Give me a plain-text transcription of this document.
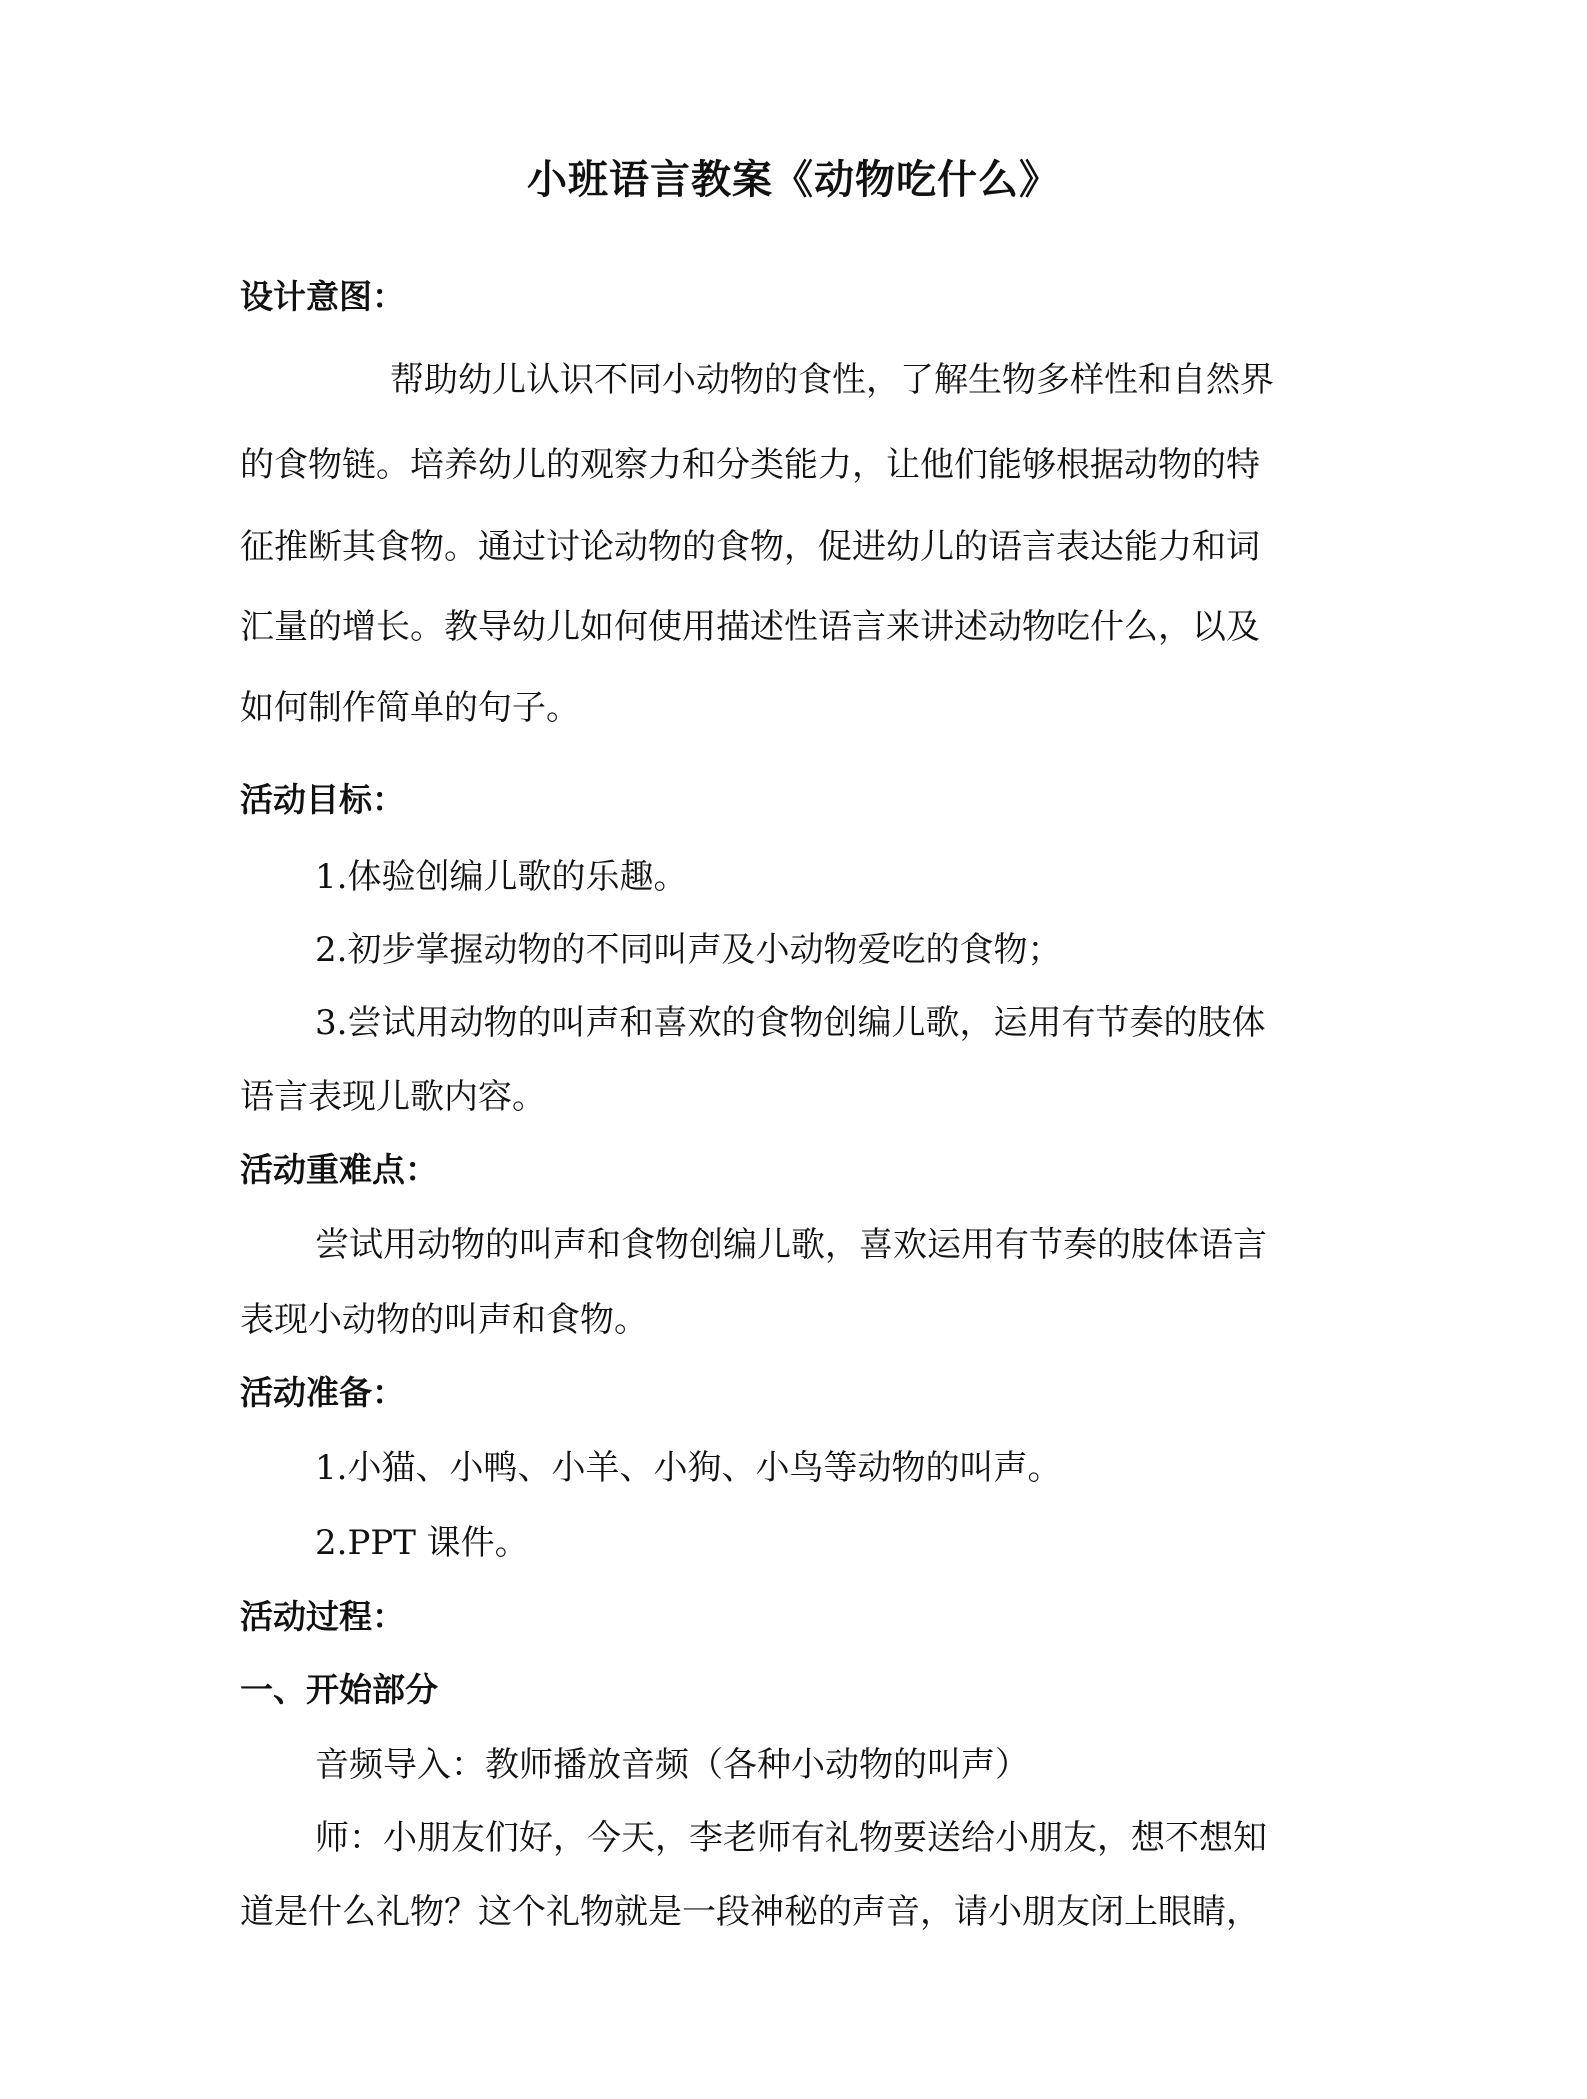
小班语言教案《动物吃什么》
设计意图：
帮助幼儿认识不同小动物的食性，了解生物多样性和自然界
的食物链。培养幼儿的观察力和分类能力，让他们能够根据动物的特
征推断其食物。通过讨论动物的食物，促进幼儿的语言表达能力和词
汇量的增长。教导幼儿如何使用描述性语言来讲述动物吃什么，以及
如何制作简单的句子。
活动目标：
1.体验创编儿歌的乐趣。
2.初步掌握动物的不同叫声及小动物爱吃的食物；
3.尝试用动物的叫声和喜欢的食物创编儿歌，运用有节奏的肢体
语言表现儿歌内容。
活动重难点：
尝试用动物的叫声和食物创编儿歌，喜欢运用有节奏的肢体语言
表现小动物的叫声和食物。
活动准备：
1.小猫、小鸭、小羊、小狗、小鸟等动物的叫声。
2.PPT 课件。
活动过程：
一、开始部分
音频导入：教师播放音频（各种小动物的叫声）
师：小朋友们好，今天，李老师有礼物要送给小朋友，想不想知
道是什么礼物？这个礼物就是一段神秘的声音，请小朋友闭上眼睛，
